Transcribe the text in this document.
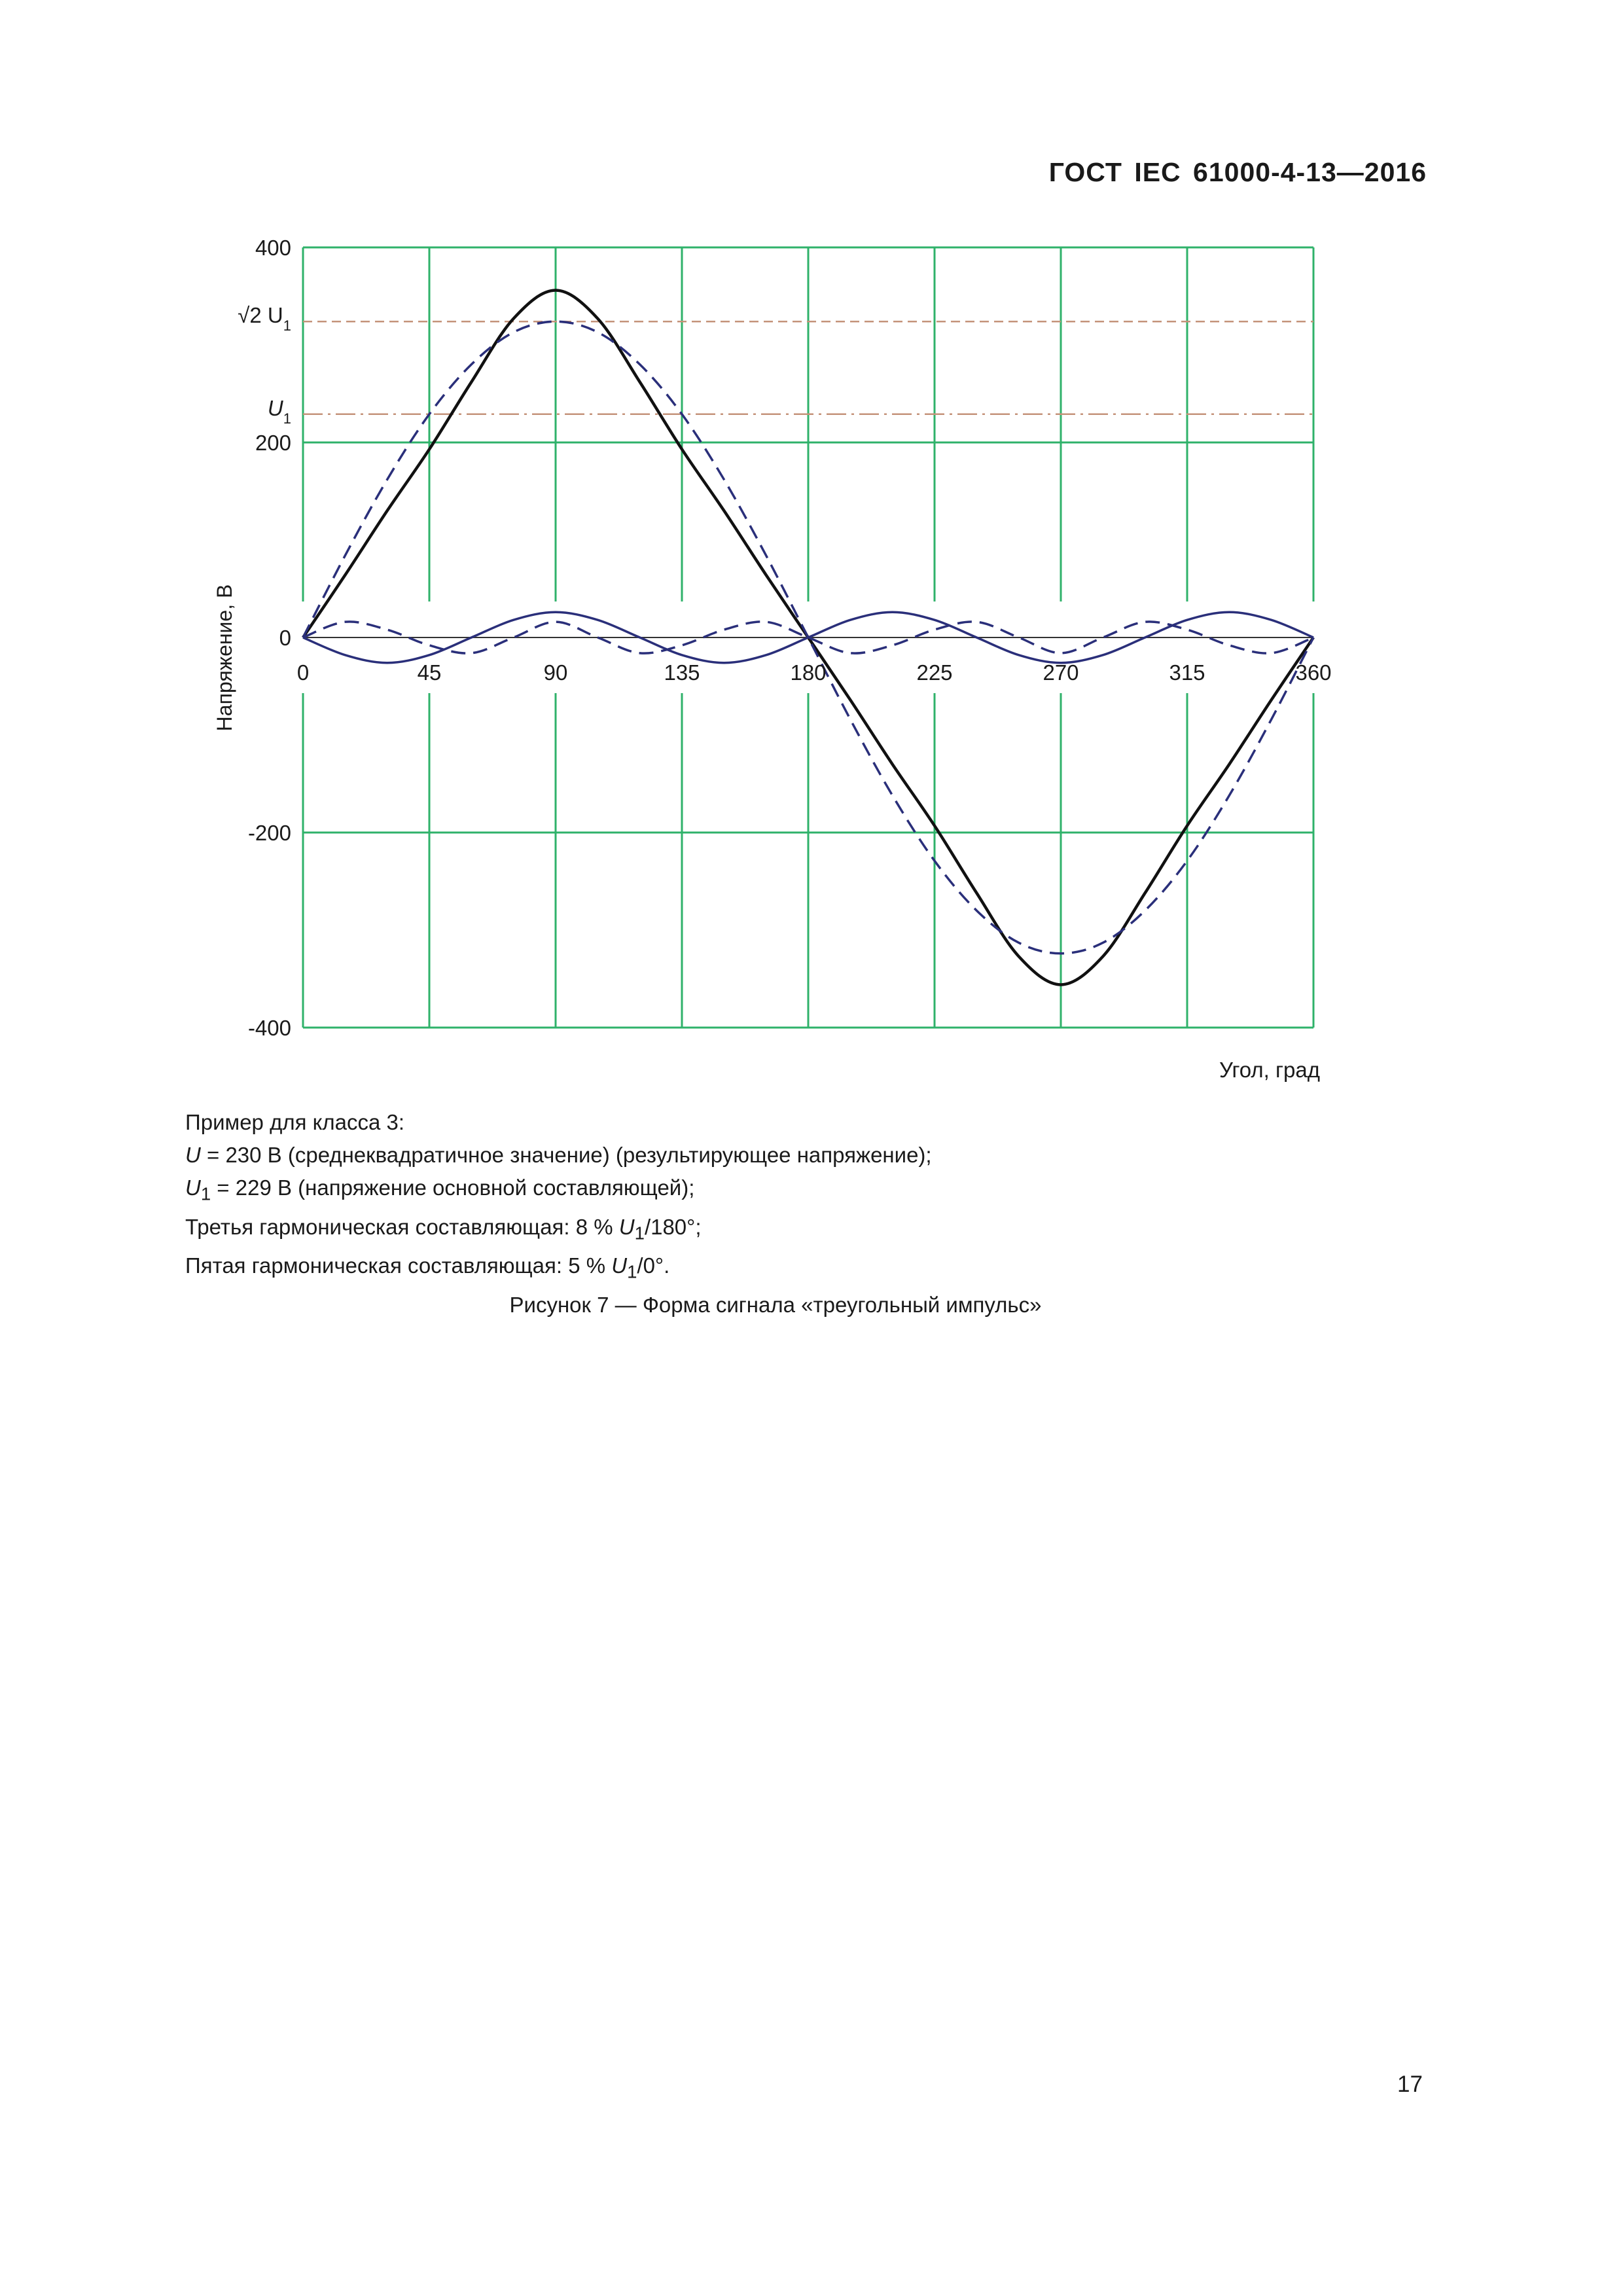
ГОСТ IEC 61000-4-13—2016
√2 $U_1$
$U_1$
0	45	90	135	180	225	270	315	360
400
200
0
-200
-400
Напряжение, В
Угол, град
Пример для класса 3:
U = 230 В (среднеквадратичное значение) (результирующее напряжение);
$U_1 = 229$ В (напряжение основной составляющей);
Третья гармоническая составляющая: 8 % $U_1/180^\circ$;
Пятая гармоническая составляющая: 5 % $U_1/0^\circ$.
Рисунок 7 — Форма сигнала «треугольный импульс»
17
